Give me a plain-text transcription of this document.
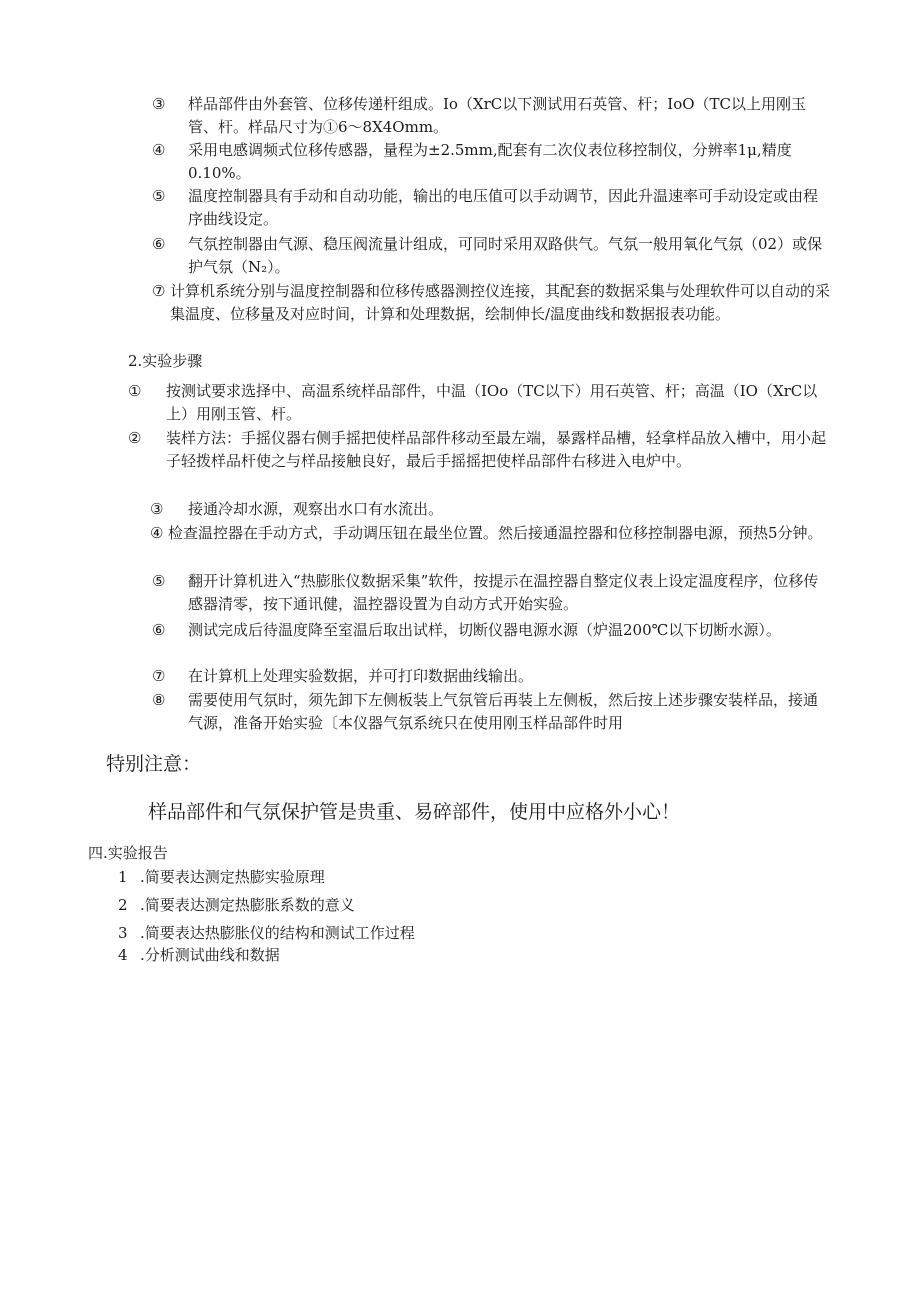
③	样品部件由外套管、位移传递杆组成。Io（XrC以下测试用石英管、杆；IoO（TC以上用刚玉管、杆。样品尺寸为①6～8X4Omm。
④	采用电感调频式位移传感器，量程为±2.5mm,配套有二次仪表位移控制仪，分辨率1μ,精度0.10%。
⑤	温度控制器具有手动和自动功能，输出的电压值可以手动调节，因此升温速率可手动设定或由程序曲线设定。
⑥	气氛控制器由气源、稳压阀流量计组成，可同时采用双路供气。气氛一般用氧化气氛（02）或保护气氛（N₂）。
⑦ 计算机系统分别与温度控制器和位移传感器测控仪连接，其配套的数据采集与处理软件可以自动的采集温度、位移量及对应时间，计算和处理数据，绘制伸长/温度曲线和数据报表功能。
2.实验步骤
①	按测试要求选择中、高温系统样品部件，中温（IOo（TC以下）用石英管、杆；高温（IO（XrC以上）用刚玉管、杆。
②	装样方法：手摇仪器右侧手摇把使样品部件移动至最左端，暴露样品槽，轻拿样品放入槽中，用小起子轻拨样品杆使之与样品接触良好，最后手摇摇把使样品部件右移进入电炉中。
③	接通冷却水源，观察出水口有水流出。
④ 检查温控器在手动方式，手动调压钮在最坐位置。然后接通温控器和位移控制器电源，预热5分钟。
⑤	翻开计算机进入“热膨胀仪数据采集”软件，按提示在温控器自整定仪表上设定温度程序，位移传感器清零，按下通讯健，温控器设置为自动方式开始实验。
⑥	测试完成后待温度降至室温后取出试样，切断仪器电源水源（炉温200℃以下切断水源）。
⑦	在计算机上处理实验数据，并可打印数据曲线输出。
⑧	需要使用气氛时，须先卸下左侧板装上气氛管后再装上左侧板，然后按上述步骤安装样品，接通气源，准备开始实验〔本仪器气氛系统只在使用刚玉样品部件时用
特别注意：
样品部件和气氛保护管是贵重、易碎部件，使用中应格外小心！
四.实验报告
1 .简要表达测定热膨实验原理
2 .简要表达测定热膨胀系数的意义
3 .简要表达热膨胀仪的结构和测试工作过程
4 .分析测试曲线和数据
